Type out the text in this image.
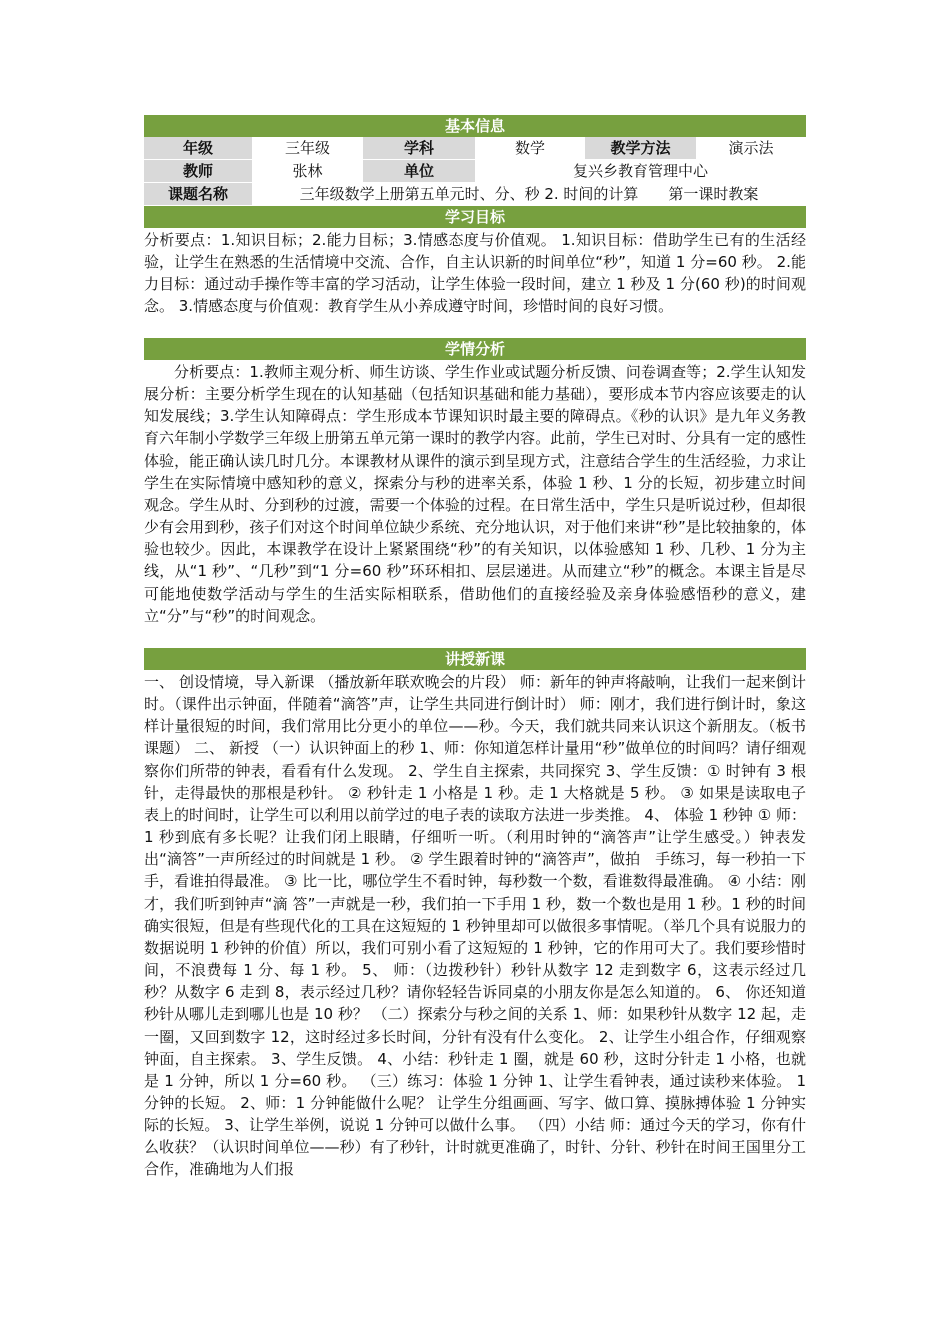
基本信息
年级	三年级	学科	数学	教学方法	演示法
教师	张林	单位	复兴乡教育管理中心		
课题名称	三年级数学上册第五单元时、分、秒 2. 时间的计算　　第一课时教案				
学习目标

分析要点：1.知识目标；2.能力目标；3.情感态度与价值观。 1.知识目标：借助学生已有的生活经验，让学生在熟悉的生活情境中交流、合作，自主认识新的时间单位“秒”，知道 1 分=60 秒。 2.能力目标：通过动手操作等丰富的学习活动，让学生体验一段时间，建立 1 秒及 1 分(60 秒)的时间观念。 3.情感态度与价值观：教育学生从小养成遵守时间，珍惜时间的良好习惯。

学情分析

分析要点：1.教师主观分析、师生访谈、学生作业或试题分析反馈、问卷调查等；2.学生认知发展分析：主要分析学生现在的认知基础（包括知识基础和能力基础），要形成本节内容应该要走的认知发展线；3.学生认知障碍点：学生形成本节课知识时最主要的障碍点。《秒的认识》是九年义务教育六年制小学数学三年级上册第五单元第一课时的教学内容。此前，学生已对时、分具有一定的感性体验，能正确认读几时几分。本课教材从课件的演示到呈现方式，注意结合学生的生活经验，力求让学生在实际情境中感知秒的意义，探索分与秒的进率关系，体验 1 秒、1 分的长短，初步建立时间观念。学生从时、分到秒的过渡，需要一个体验的过程。在日常生活中，学生只是听说过秒，但却很少有会用到秒，孩子们对这个时间单位缺少系统、充分地认识，对于他们来讲“秒”是比较抽象的，体验也较少。因此，本课教学在设计上紧紧围绕“秒”的有关知识，以体验感知 1 秒、几秒、1 分为主线，从“1 秒”、“几秒”到“1 分=60 秒”环环相扣、层层递进。从而建立“秒”的概念。本课主旨是尽可能地使数学活动与学生的生活实际相联系，借助他们的直接经验及亲身体验感悟秒的意义，建立“分”与“秒”的时间观念。

讲授新课

一、 创设情境，导入新课 （播放新年联欢晚会的片段） 师：新年的钟声将敲响，让我们一起来倒计时。（课件出示钟面，伴随着“滴答”声，让学生共同进行倒计时） 师：刚才，我们进行倒计时，象这样计量很短的时间，我们常用比分更小的单位——秒。今天，我们就共同来认识这个新朋友。（板书课题） 二、 新授 （一）认识钟面上的秒 1、师：你知道怎样计量用“秒”做单位的时间吗？请仔细观察你们所带的钟表，看看有什么发现。 2、学生自主探索，共同探究 3、学生反馈：① 时钟有 3 根针，走得最快的那根是秒针。 ② 秒针走 1 小格是 1 秒。走 1 大格就是 5 秒。 ③ 如果是读取电子表上的时间时，让学生可以利用以前学过的电子表的读取方法进一步类推。 4、 体验 1 秒钟 ① 师：1 秒到底有多长呢？让我们闭上眼睛，仔细听一听。（利用时钟的“滴答声”让学生感受。）钟表发出“滴答”一声所经过的时间就是 1 秒。 ② 学生跟着时钟的“滴答声”，做拍　手练习，每一秒拍一下手，看谁拍得最准。 ③ 比一比，哪位学生不看时钟，每秒数一个数，看谁数得最准确。 ④ 小结：刚才，我们听到钟声“滴 答”一声就是一秒，我们拍一下手用 1 秒，数一个数也是用 1 秒。1 秒的时间确实很短，但是有些现代化的工具在这短短的 1 秒钟里却可以做很多事情呢。（举几个具有说服力的数据说明 1 秒钟的价值）所以，我们可别小看了这短短的 1 秒钟，它的作用可大了。我们要珍惜时间，不浪费每 1 分、每 1 秒。 5、 师：（边拨秒针）秒针从数字 12 走到数字 6，这表示经过几秒？从数字 6 走到 8，表示经过几秒？请你轻轻告诉同桌的小朋友你是怎么知道的。 6、 你还知道秒针从哪儿走到哪儿也是 10 秒？ （二）探索分与秒之间的关系 1、师：如果秒针从数字 12 起，走一圈，又回到数字 12，这时经过多长时间，分针有没有什么变化。 2、让学生小组合作，仔细观察钟面，自主探索。 3、学生反馈。 4、小结：秒针走 1 圈，就是 60 秒，这时分针走 1 小格，也就是 1 分钟，所以 1 分=60 秒。 （三）练习：体验 1 分钟 1、让学生看钟表，通过读秒来体验。 1 分钟的长短。 2、师：1 分钟能做什么呢？ 让学生分组画画、写字、做口算、摸脉搏体验 1 分钟实际的长短。 3、让学生举例，说说 1 分钟可以做什么事。 （四）小结 师：通过今天的学习，你有什么收获？（认识时间单位——秒）有了秒针，计时就更准确了，时针、分针、秒针在时间王国里分工合作，准确地为人们报
